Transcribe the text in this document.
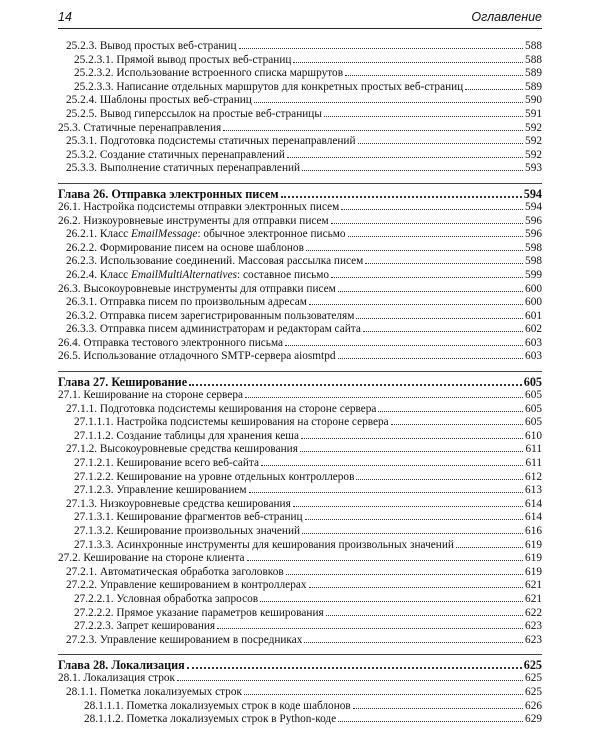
14	Оглавление
25.2.3. Вывод простых веб-страниц	588
25.2.3.1. Прямой вывод простых веб-страниц	588
25.2.3.2. Использование встроенного списка маршрутов	589
25.2.3.3. Написание отдельных маршрутов для конкретных простых веб-страниц	589
25.2.4. Шаблоны простых веб-страниц	590
25.2.5. Вывод гиперссылок на простые веб-страницы	591
25.3. Статичные перенаправления	592
25.3.1. Подготовка подсистемы статичных перенаправлений	592
25.3.2. Создание статичных перенаправлений	592
25.3.3. Выполнение статичных перенаправлений	593
Глава 26. Отправка электронных писем	594
26.1. Настройка подсистемы отправки электронных писем	594
26.2. Низкоуровневые инструменты для отправки писем	596
26.2.1. Класс EmailMessage: обычное электронное письмо	596
26.2.2. Формирование писем на основе шаблонов	598
26.2.3. Использование соединений. Массовая рассылка писем	598
26.2.4. Класс EmailMultiAlternatives: составное письмо	599
26.3. Высокоуровневые инструменты для отправки писем	600
26.3.1. Отправка писем по произвольным адресам	600
26.3.2. Отправка писем зарегистрированным пользователям	601
26.3.3. Отправка писем администраторам и редакторам сайта	602
26.4. Отправка тестового электронного письма	603
26.5. Использование отладочного SMTP-сервера aiosmtpd	603
Глава 27. Кеширование	605
27.1. Кеширование на стороне сервера	605
27.1.1. Подготовка подсистемы кеширования на стороне сервера	605
27.1.1.1. Настройка подсистемы кеширования на стороне сервера	605
27.1.1.2. Создание таблицы для хранения кеша	610
27.1.2. Высокоуровневые средства кеширования	611
27.1.2.1. Кеширование всего веб-сайта	611
27.1.2.2. Кеширование на уровне отдельных контроллеров	612
27.1.2.3. Управление кешированием	613
27.1.3. Низкоуровневые средства кеширования	614
27.1.3.1. Кеширование фрагментов веб-страниц	614
27.1.3.2. Кеширование произвольных значений	616
27.1.3.3. Асинхронные инструменты для кеширования произвольных значений	619
27.2. Кеширование на стороне клиента	619
27.2.1. Автоматическая обработка заголовков	619
27.2.2. Управление кешированием в контроллерах	621
27.2.2.1. Условная обработка запросов	621
27.2.2.2. Прямое указание параметров кеширования	622
27.2.2.3. Запрет кеширования	623
27.2.3. Управление кешированием в посредниках	623
Глава 28. Локализация	625
28.1. Локализация строк	625
28.1.1. Пометка локализуемых строк	625
28.1.1.1. Пометка локализуемых строк в коде шаблонов	626
28.1.1.2. Пометка локализуемых строк в Python-коде	629
